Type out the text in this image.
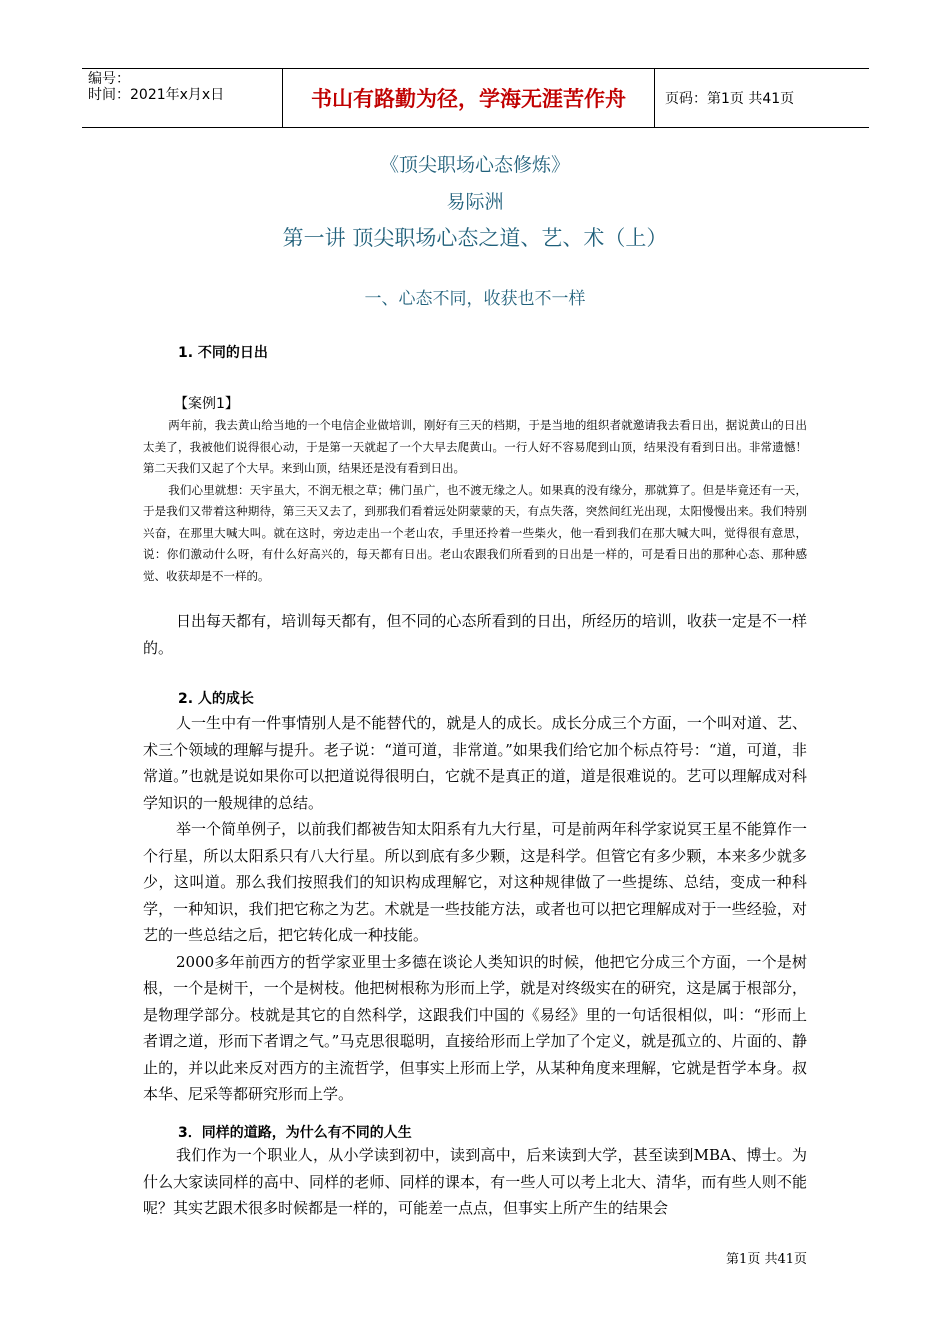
编号：
时间：2021年x月x日	书山有路勤为径，学海无涯苦作舟	页码：第1页 共41页
《顶尖职场心态修炼》
易际洲
第一讲 顶尖职场心态之道、艺、术（上）
一、心态不同，收获也不一样
1. 不同的日出
【案例1】

两年前，我去黄山给当地的一个电信企业做培训，刚好有三天的档期，于是当地的组织者就邀请我去看日出，据说黄山的日出太美了，我被他们说得很心动，于是第一天就起了一个大早去爬黄山。一行人好不容易爬到山顶，结果没有看到日出。非常遗憾！第二天我们又起了个大早。来到山顶，结果还是没有看到日出。

我们心里就想：天宇虽大，不润无根之草；佛门虽广，也不渡无缘之人。如果真的没有缘分，那就算了。但是毕竟还有一天，于是我们又带着这种期待，第三天又去了，到那我们看着远处阴蒙蒙的天，有点失落，突然间红光出现，太阳慢慢出来。我们特别兴奋，在那里大喊大叫。就在这时，旁边走出一个老山农，手里还拎着一些柴火，他一看到我们在那大喊大叫，觉得很有意思，说：你们激动什么呀，有什么好高兴的，每天都有日出。老山农跟我们所看到的日出是一样的，可是看日出的那种心态、那种感觉、收获却是不一样的。

日出每天都有，培训每天都有，但不同的心态所看到的日出，所经历的培训，收获一定是不一样的。

2. 人的成长

人一生中有一件事情别人是不能替代的，就是人的成长。成长分成三个方面，一个叫对道、艺、术三个领域的理解与提升。老子说：“道可道，非常道。”如果我们给它加个标点符号：“道，可道，非常道。”也就是说如果你可以把道说得很明白，它就不是真正的道，道是很难说的。艺可以理解成对科学知识的一般规律的总结。

举一个简单例子，以前我们都被告知太阳系有九大行星，可是前两年科学家说冥王星不能算作一个行星，所以太阳系只有八大行星。所以到底有多少颗，这是科学。但管它有多少颗，本来多少就多少，这叫道。那么我们按照我们的知识构成理解它，对这种规律做了一些提练、总结，变成一种科学，一种知识，我们把它称之为艺。术就是一些技能方法，或者也可以把它理解成对于一些经验，对艺的一些总结之后，把它转化成一种技能。

2000多年前西方的哲学家亚里士多德在谈论人类知识的时候，他把它分成三个方面，一个是树根，一个是树干，一个是树枝。他把树根称为形而上学，就是对终级实在的研究，这是属于根部分，是物理学部分。枝就是其它的自然科学，这跟我们中国的《易经》里的一句话很相似，叫：“形而上者谓之道，形而下者谓之气。”马克思很聪明，直接给形而上学加了个定义，就是孤立的、片面的、静止的，并以此来反对西方的主流哲学，但事实上形而上学，从某种角度来理解，它就是哲学本身。叔本华、尼采等都研究形而上学。

3．同样的道路，为什么有不同的人生

我们作为一个职业人，从小学读到初中，读到高中，后来读到大学，甚至读到MBA、博士。为什么大家读同样的高中、同样的老师、同样的课本，有一些人可以考上北大、清华，而有些人则不能呢？其实艺跟术很多时候都是一样的，可能差一点点，但事实上所产生的结果会

第1页 共41页
